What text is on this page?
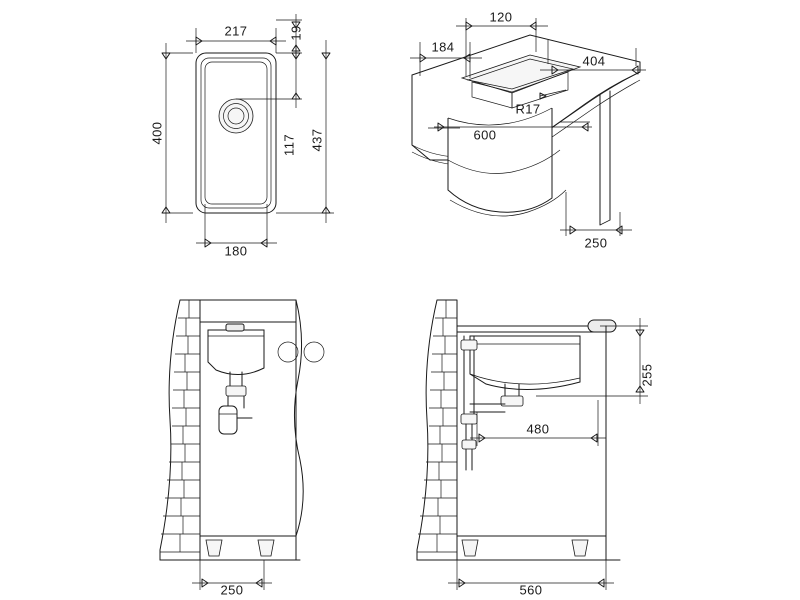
217
400
180
19
117 437
120
184
404
R17
600
250
250
255
480
560
